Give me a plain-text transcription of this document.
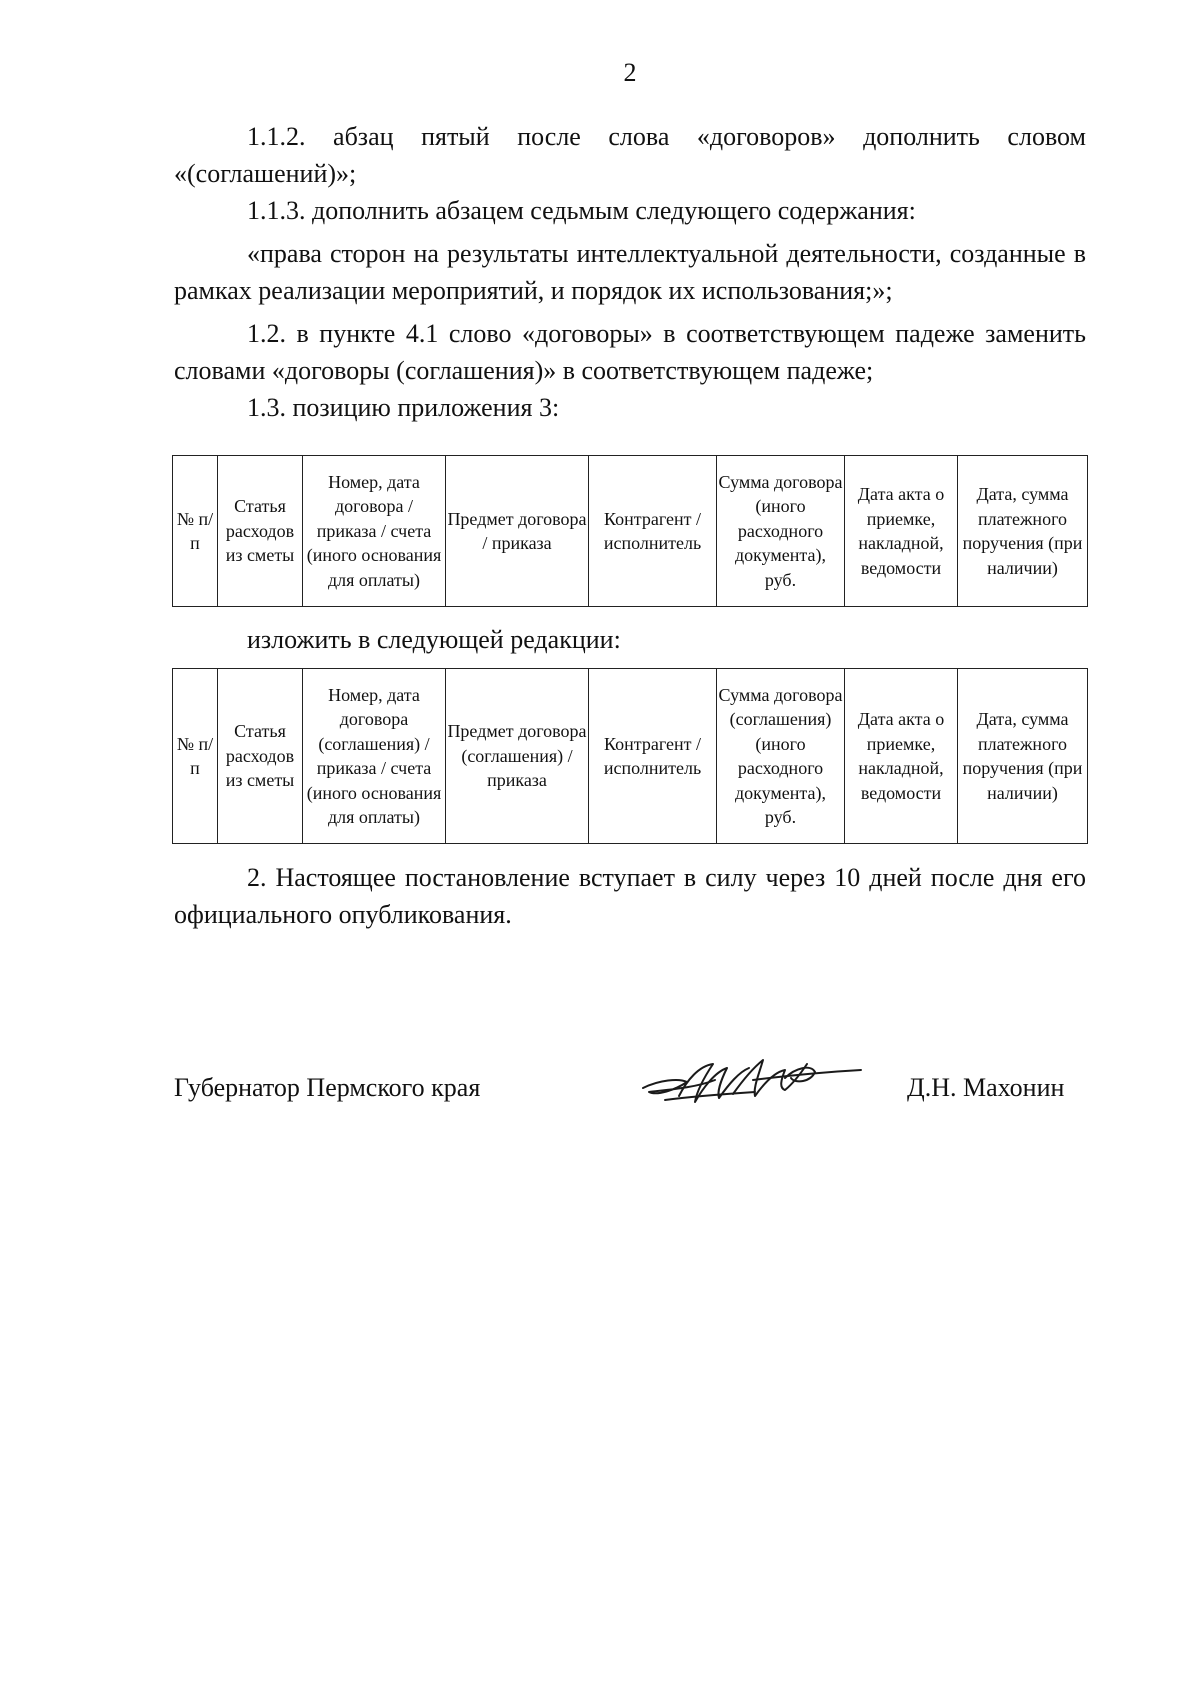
2

1.1.2. абзац пятый после слова «договоров» дополнить словом «(соглашений)»;

1.1.3. дополнить абзацем седьмым следующего содержания:

«права сторон на результаты интеллектуальной деятельности, созданные в рамках реализации мероприятий, и порядок их использования;»;

1.2. в пункте 4.1 слово «договоры» в соответствующем падеже заменить словами «договоры (соглашения)» в соответствующем падеже;

1.3. позицию приложения 3:

№ п/п	Статья расходов из сметы	Номер, дата договора / приказа / счета (иного основания для оплаты)	Предмет договора / приказа	Контрагент / исполнитель	Сумма договора (иного расходного документа), руб.	Дата акта о приемке, накладной, ведомости	Дата, сумма платежного поручения (при наличии)
изложить в следующей редакции:
№ п/п	Статья расходов из сметы	Номер, дата договора (соглашения) / приказа / счета (иного основания для оплаты)	Предмет договора (соглашения) / приказа	Контрагент / исполнитель	Сумма договора (соглашения) (иного расходного документа), руб.	Дата акта о приемке, накладной, ведомости	Дата, сумма платежного поручения (при наличии)

2. Настоящее постановление вступает в силу через 10 дней после дня его официального опубликования.

Губернатор Пермского края	Д.Н. Махонин
